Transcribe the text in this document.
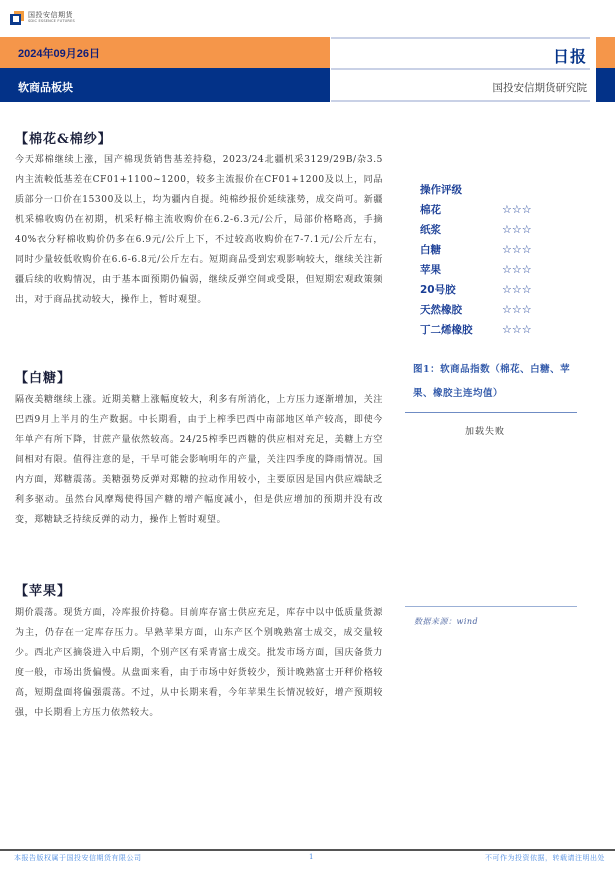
国投安信期货
SDIC ESSENCE FUTURES
2024年09月26日
软商品板块
日报
国投安信期货研究院
【棉花&棉纱】
今天郑棉继续上涨，国产棉现货销售基差持稳，2023/24北疆机采3129/29B/杂3.5内主流較低基差在CF01+1100~1200，较多主流报价在CF01+1200及以上，同品质部分一口价在15300及以上，均为疆内自提。纯棉纱报价延续涨势，成交尚可。新疆机采棉收购仍在初期，机采籽棉主流收购价在6.2-6.3元/公斤，局部价格略高，手摘40%衣分籽棉收购价仍多在6.9元/公斤上下，不过较高收购价在7-7.1元/公斤左右，同时少量较低收购价在6.6-6.8元/公斤左右。短期商品受到宏观影响较大，继续关注新疆后续的收购情况，由于基本面预期仍偏弱，继续反弹空间或受限，但短期宏观政策频出，对于商品扰动较大，操作上，暂时观望。
【白糖】
隔夜美糖继续上涨。近期美糖上涨幅度较大，利多有所消化，上方压力逐渐增加，关注巴西9月上半月的生产数据。中长期看，由于上榨季巴西中南部地区单产较高，即使今年单产有所下降，甘蔗产量依然较高。24/25榨季巴西糖的供应相对充足，美糖上方空间相对有限。值得注意的是，干旱可能会影响明年的产量，关注四季度的降雨情况。国内方面，郑糖震荡。美糖强势反弹对郑糖的拉动作用较小，主要原因是国内供应端缺乏利多驱动。虽然台风摩羯使得国产糖的增产幅度减小，但是供应增加的预期并没有改变，郑糖缺乏持续反弹的动力，操作上暂时观望。
【苹果】
期价震荡。现货方面，冷库报价持稳。目前库存富士供应充足，库存中以中低质量货源为主，仍存在一定库存压力。早熟苹果方面，山东产区个别晚熟富士成交，成交量较少。西北产区摘袋进入中后期，个别产区有采青富士成交。批发市场方面，国庆备货力度一般，市场出货偏慢。从盘面来看，由于市场中好货较少，预计晚熟富士开秤价格较高，短期盘面将偏强震荡。不过，从中长期来看，今年苹果生长情况较好，增产预期较强，中长期看上方压力依然较大。
操作评级
棉花	☆☆☆
纸浆	☆☆☆
白糖	☆☆☆
苹果	☆☆☆
20号胶	☆☆☆
天然橡胶	☆☆☆
丁二烯橡胶	☆☆☆
图1：软商品指数（棉花、白糖、苹果、橡胶主连均值）
加载失败
数据来源：wind
本报告版权属于国投安信期货有限公司	1	不可作为投资依据，转载请注明出处
